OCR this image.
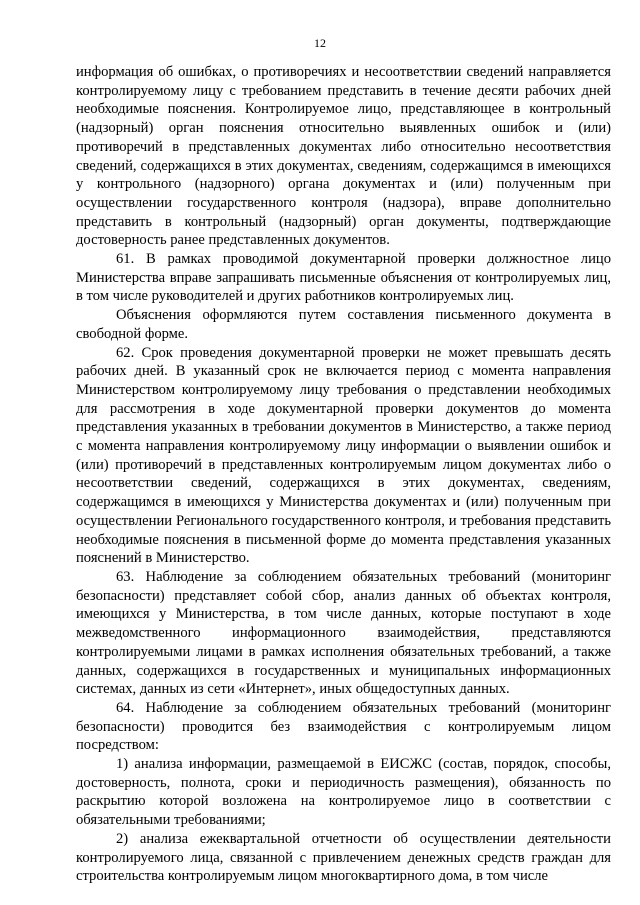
12

информация об ошибках, о противоречиях и несоответствии сведений направляется контролируемому лицу с требованием представить в течение десяти рабочих дней необходимые пояснения. Контролируемое лицо, представляющее в контрольный (надзорный) орган пояснения относительно выявленных ошибок и (или) противоречий в представленных документах либо относительно несоответствия сведений, содержащихся в этих документах, сведениям, содержащимся в имеющихся у контрольного (надзорного) органа документах и (или) полученным при осуществлении государственного контроля (надзора), вправе дополнительно представить в контрольный (надзорный) орган документы, подтверждающие достоверность ранее представленных документов.

61. В рамках проводимой документарной проверки должностное лицо Министерства вправе запрашивать письменные объяснения от контролируемых лиц, в том числе руководителей и других работников контролируемых лиц.

Объяснения оформляются путем составления письменного документа в свободной форме.

62. Срок проведения документарной проверки не может превышать десять рабочих дней. В указанный срок не включается период с момента направления Министерством контролируемому лицу требования о представлении необходимых для рассмотрения в ходе документарной проверки документов до момента представления указанных в требовании документов в Министерство, а также период с момента направления контролируемому лицу информации о выявлении ошибок и (или) противоречий в представленных контролируемым лицом документах либо о несоответствии сведений, содержащихся в этих документах, сведениям, содержащимся в имеющихся у Министерства документах и (или) полученным при осуществлении Регионального государственного контроля, и требования представить необходимые пояснения в письменной форме до момента представления указанных пояснений в Министерство.

63. Наблюдение за соблюдением обязательных требований (мониторинг безопасности) представляет собой сбор, анализ данных об объектах контроля, имеющихся у Министерства, в том числе данных, которые поступают в ходе межведомственного информационного взаимодействия, представляются контролируемыми лицами в рамках исполнения обязательных требований, а также данных, содержащихся в государственных и муниципальных информационных системах, данных из сети «Интернет», иных общедоступных данных.

64. Наблюдение за соблюдением обязательных требований (мониторинг безопасности) проводится без взаимодействия с контролируемым лицом посредством:

1) анализа информации, размещаемой в ЕИСЖС (состав, порядок, способы, достоверность, полнота, сроки и периодичность размещения), обязанность по раскрытию которой возложена на контролируемое лицо в соответствии с обязательными требованиями;

2) анализа ежеквартальной отчетности об осуществлении деятельности контролируемого лица, связанной с привлечением денежных средств граждан для строительства контролируемым лицом многоквартирного дома, в том числе
